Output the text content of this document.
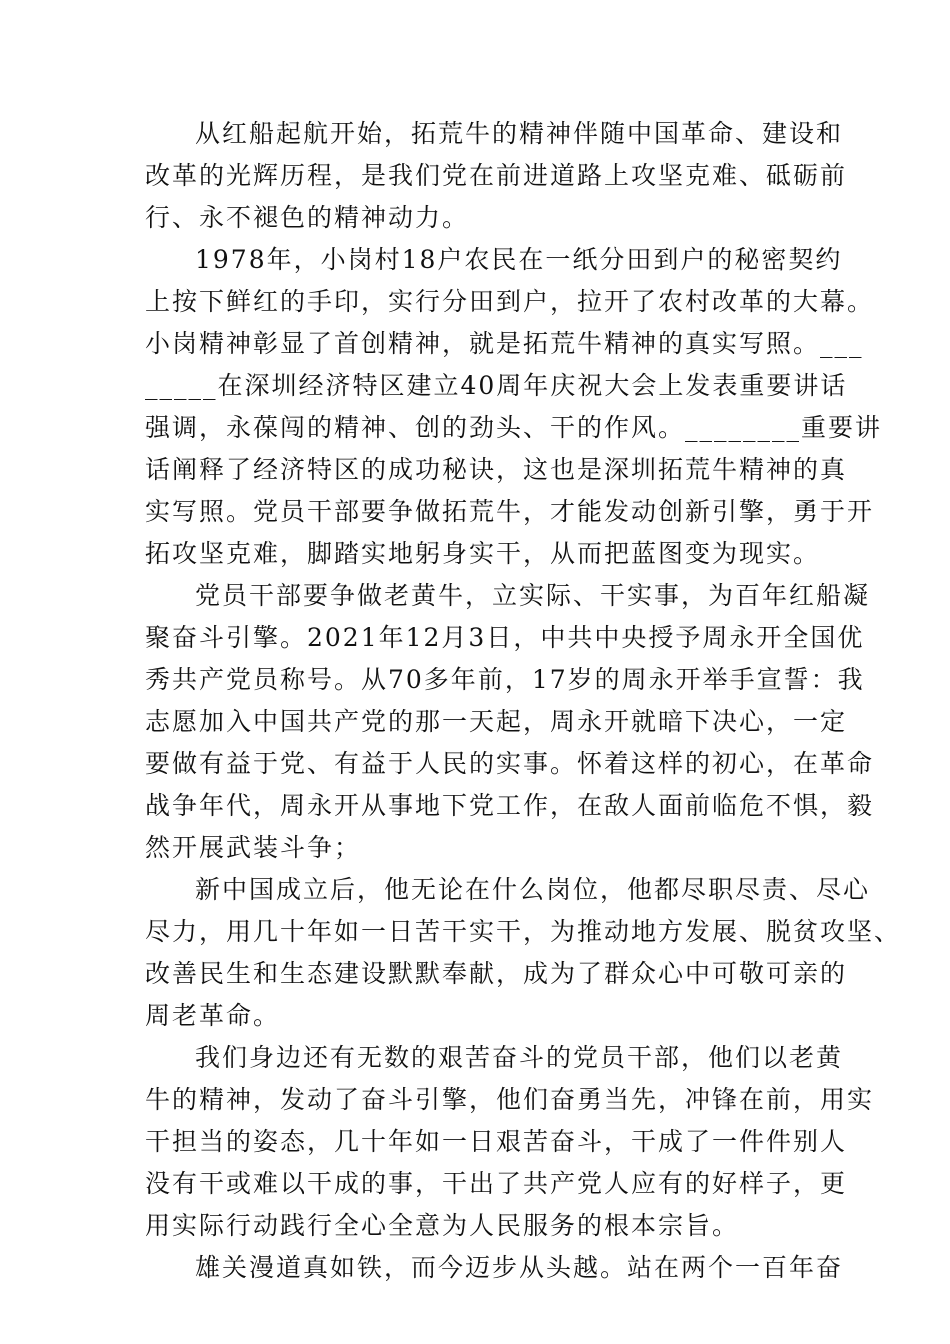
从红船起航开始，拓荒牛的精神伴随中国革命、建设和
改革的光辉历程，是我们党在前进道路上攻坚克难、砥砺前
行、永不褪色的精神动力。

1978年，小岗村18户农民在一纸分田到户的秘密契约
上按下鲜红的手印，实行分田到户，拉开了农村改革的大幕。
小岗精神彰显了首创精神，就是拓荒牛精神的真实写照。___
_____在深圳经济特区建立40周年庆祝大会上发表重要讲话
强调，永葆闯的精神、创的劲头、干的作风。________重要讲
话阐释了经济特区的成功秘诀，这也是深圳拓荒牛精神的真
实写照。党员干部要争做拓荒牛，才能发动创新引擎，勇于开
拓攻坚克难，脚踏实地躬身实干，从而把蓝图变为现实。

党员干部要争做老黄牛，立实际、干实事，为百年红船凝
聚奋斗引擎。2021年12月3日，中共中央授予周永开全国优
秀共产党员称号。从70多年前，17岁的周永开举手宣誓：我
志愿加入中国共产党的那一天起，周永开就暗下决心，一定
要做有益于党、有益于人民的实事。怀着这样的初心，在革命
战争年代，周永开从事地下党工作，在敌人面前临危不惧，毅
然开展武装斗争；

新中国成立后，他无论在什么岗位，他都尽职尽责、尽心
尽力，用几十年如一日苦干实干，为推动地方发展、脱贫攻坚、
改善民生和生态建设默默奉献，成为了群众心中可敬可亲的
周老革命。

我们身边还有无数的艰苦奋斗的党员干部，他们以老黄
牛的精神，发动了奋斗引擎，他们奋勇当先，冲锋在前，用实
干担当的姿态，几十年如一日艰苦奋斗，干成了一件件别人
没有干或难以干成的事，干出了共产党人应有的好样子，更
用实际行动践行全心全意为人民服务的根本宗旨。

雄关漫道真如铁，而今迈步从头越。站在两个一百年奋
